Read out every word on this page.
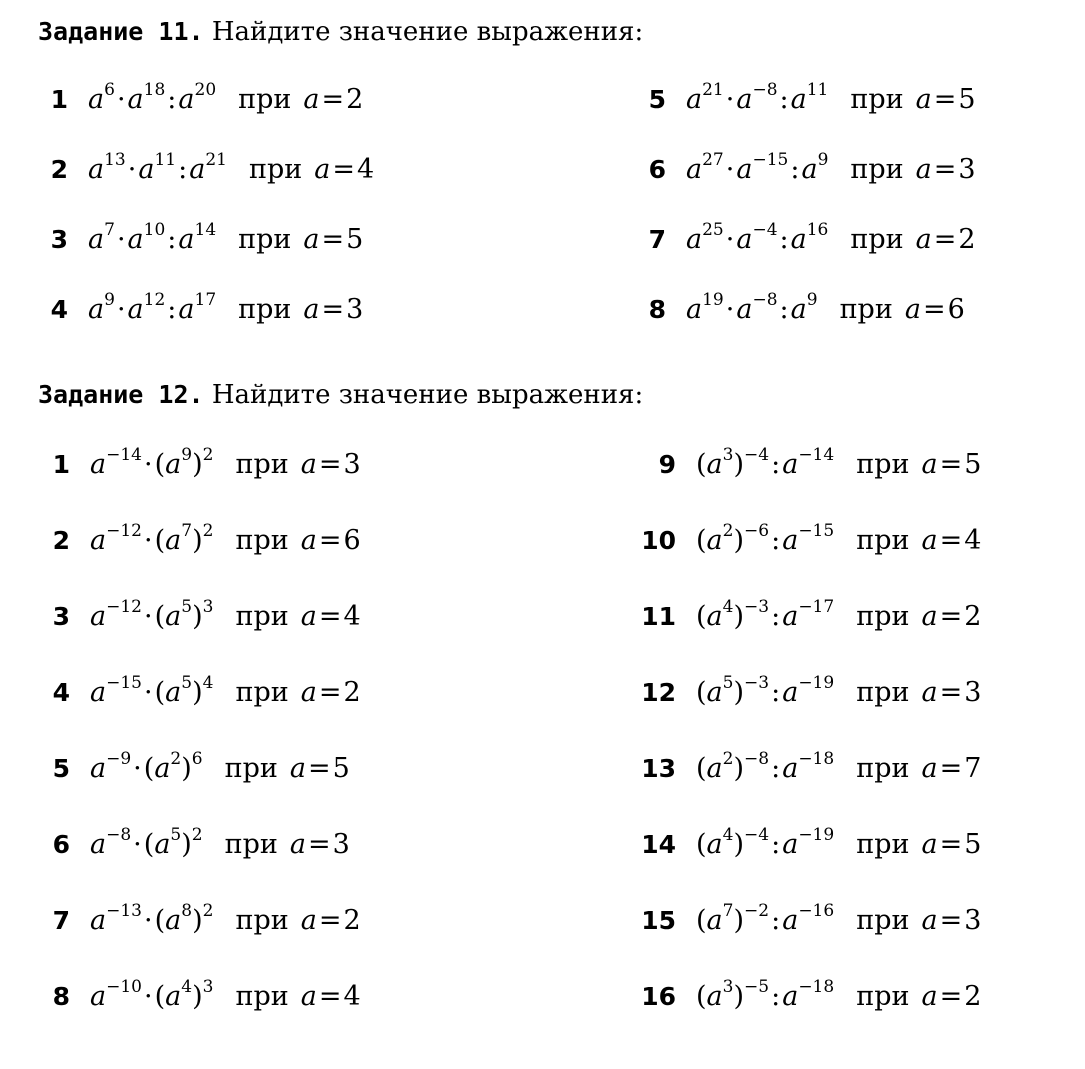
Задание 11. Найдите значение выражения:
Задание 12. Найдите значение выражения:
1 $a^6\cdot a^{18}:a^{20}$ при a=2
2 $a^{13}\cdot a^{11}:a^{21}$ при a=4
3 $a^7\cdot a^{10}:a^{14}$ при a=5
4 $a^9\cdot a^{12}:a^{17}$ при a=3
5 $a^{21}\cdot a^{-8}:a^{11}$ при a=5
6 $a^{27}\cdot a^{-15}:a^9$ при a=3
7 $a^{25}\cdot a^{-4}:a^{16}$ при a=2
8 $a^{19}\cdot a^{-8}:a^9$ при a=6
1 $a^{-14}\cdot(a^9)^2$ при a=3
2 $a^{-12}\cdot(a^7)^2$ при a=6
3 $a^{-12}\cdot(a^5)^3$ при a=4
4 $a^{-15}\cdot(a^5)^4$ при a=2
5 $a^{-9}\cdot(a^2)^6$ при a=5
6 $a^{-8}\cdot(a^5)^2$ при a=3
7 $a^{-13}\cdot(a^8)^2$ при a=2
8 $a^{-10}\cdot(a^4)^3$ при a=4
9 $(a^3)^{-4}:a^{-14}$ при a=5
10 $(a^2)^{-6}:a^{-15}$ при a=4
11 $(a^4)^{-3}:a^{-17}$ при a=2
12 $(a^5)^{-3}:a^{-19}$ при a=3
13 $(a^2)^{-8}:a^{-18}$ при a=7
14 $(a^4)^{-4}:a^{-19}$ при a=5
15 $(a^7)^{-2}:a^{-16}$ при a=3
16 $(a^3)^{-5}:a^{-18}$ при a=2
